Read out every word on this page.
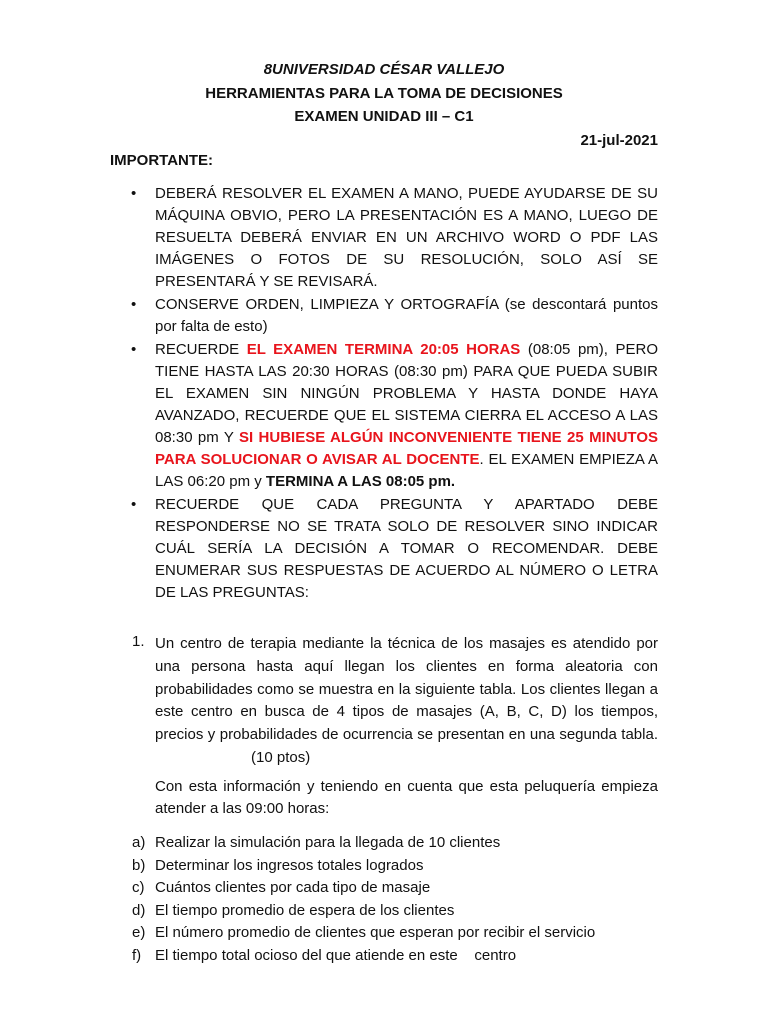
8UNIVERSIDAD CÉSAR VALLEJO
HERRAMIENTAS PARA LA TOMA DE DECISIONES
EXAMEN UNIDAD III – C1
21-jul-2021
IMPORTANTE:
• DEBERÁ RESOLVER EL EXAMEN A MANO, PUEDE AYUDARSE DE SU MÁQUINA OBVIO, PERO LA PRESENTACIÓN ES A MANO, LUEGO DE RESUELTA DEBERÁ ENVIAR EN UN ARCHIVO WORD O PDF LAS IMÁGENES O FOTOS DE SU RESOLUCIÓN, SOLO ASÍ SE PRESENTARÁ Y SE REVISARÁ.
• CONSERVE ORDEN, LIMPIEZA Y ORTOGRAFÍA (se descontará puntos por falta de esto)
• RECUERDE EL EXAMEN TERMINA 20:05 HORAS (08:05 pm), PERO TIENE HASTA LAS 20:30 HORAS (08:30 pm) PARA QUE PUEDA SUBIR EL EXAMEN SIN NINGÚN PROBLEMA Y HASTA DONDE HAYA AVANZADO, RECUERDE QUE EL SISTEMA CIERRA EL ACCESO A LAS 08:30 pm Y SI HUBIESE ALGÚN INCONVENIENTE TIENE 25 MINUTOS PARA SOLUCIONAR O AVISAR AL DOCENTE. EL EXAMEN EMPIEZA A LAS 06:20 pm y TERMINA A LAS 08:05 pm.
• RECUERDE QUE CADA PREGUNTA Y APARTADO DEBE RESPONDERSE NO SE TRATA SOLO DE RESOLVER SINO INDICAR CUÁL SERÍA LA DECISIÓN A TOMAR O RECOMENDAR. DEBE ENUMERAR SUS RESPUESTAS DE ACUERDO AL NÚMERO O LETRA DE LAS PREGUNTAS:
1. Un centro de terapia mediante la técnica de los masajes es atendido por una persona hasta aquí llegan los clientes en forma aleatoria con probabilidades como se muestra en la siguiente tabla. Los clientes llegan a este centro en busca de 4 tipos de masajes (A, B, C, D) los tiempos, precios y probabilidades de ocurrencia se presentan en una segunda tabla.(10 ptos)
Con esta información y teniendo en cuenta que esta peluquería empieza atender a las 09:00 horas:
a) Realizar la simulación para la llegada de 10 clientes
b) Determinar los ingresos totales logrados
c) Cuántos clientes por cada tipo de masaje
d) El tiempo promedio de espera de los clientes
e) El número promedio de clientes que esperan por recibir el servicio
f) El tiempo total ocioso del que atiende en este    centro
